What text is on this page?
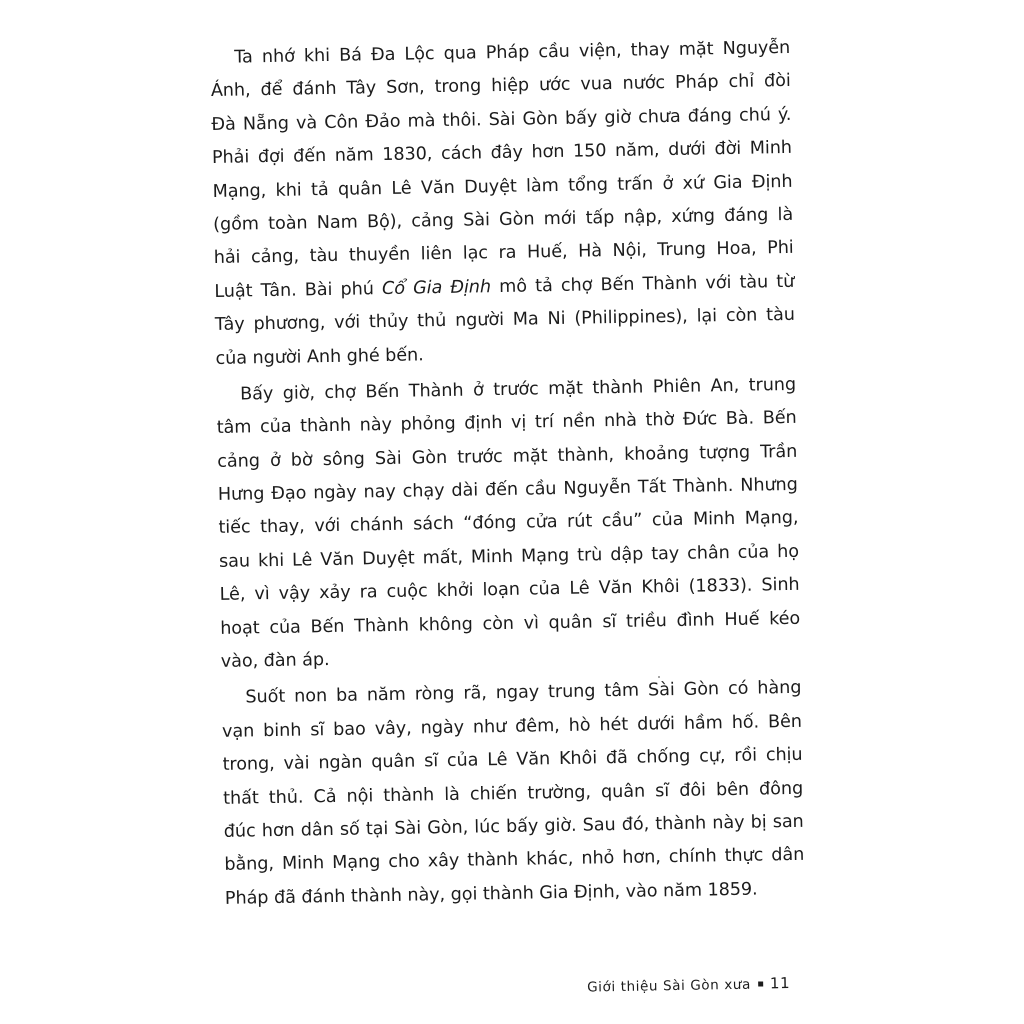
Ta nhớ khi Bá Đa Lộc qua Pháp cầu viện, thay mặt Nguyễn
Ánh, để đánh Tây Sơn, trong hiệp ước vua nước Pháp chỉ đòi
Đà Nẵng và Côn Đảo mà thôi. Sài Gòn bấy giờ chưa đáng chú ý.
Phải đợi đến năm 1830, cách đây hơn 150 năm, dưới đời Minh
Mạng, khi tả quân Lê Văn Duyệt làm tổng trấn ở xứ Gia Định
(gồm toàn Nam Bộ), cảng Sài Gòn mới tấp nập, xứng đáng là
hải cảng, tàu thuyền liên lạc ra Huế, Hà Nội, Trung Hoa, Phi
Luật Tân. Bài phú Cổ Gia Định mô tả chợ Bến Thành với tàu từ
Tây phương, với thủy thủ người Ma Ni (Philippines), lại còn tàu
của người Anh ghé bến.
Bấy giờ, chợ Bến Thành ở trước mặt thành Phiên An, trung
tâm của thành này phỏng định vị trí nền nhà thờ Đức Bà. Bến
cảng ở bờ sông Sài Gòn trước mặt thành, khoảng tượng Trần
Hưng Đạo ngày nay chạy dài đến cầu Nguyễn Tất Thành. Nhưng
tiếc thay, với chánh sách “đóng cửa rút cầu” của Minh Mạng,
sau khi Lê Văn Duyệt mất, Minh Mạng trù dập tay chân của họ
Lê, vì vậy xảy ra cuộc khởi loạn của Lê Văn Khôi (1833). Sinh
hoạt của Bến Thành không còn vì quân sĩ triều đình Huế kéo
vào, đàn áp.
Suốt non ba năm ròng rã, ngay trung tâm Sài Gòn có hàng
vạn binh sĩ bao vây, ngày như đêm, hò hét dưới hầm hố. Bên
trong, vài ngàn quân sĩ của Lê Văn Khôi đã chống cự, rồi chịu
thất thủ. Cả nội thành là chiến trường, quân sĩ đôi bên đông
đúc hơn dân số tại Sài Gòn, lúc bấy giờ. Sau đó, thành này bị san
bằng, Minh Mạng cho xây thành khác, nhỏ hơn, chính thực dân
Pháp đã đánh thành này, gọi thành Gia Định, vào năm 1859.
Giới thiệu Sài Gòn xưa 11
